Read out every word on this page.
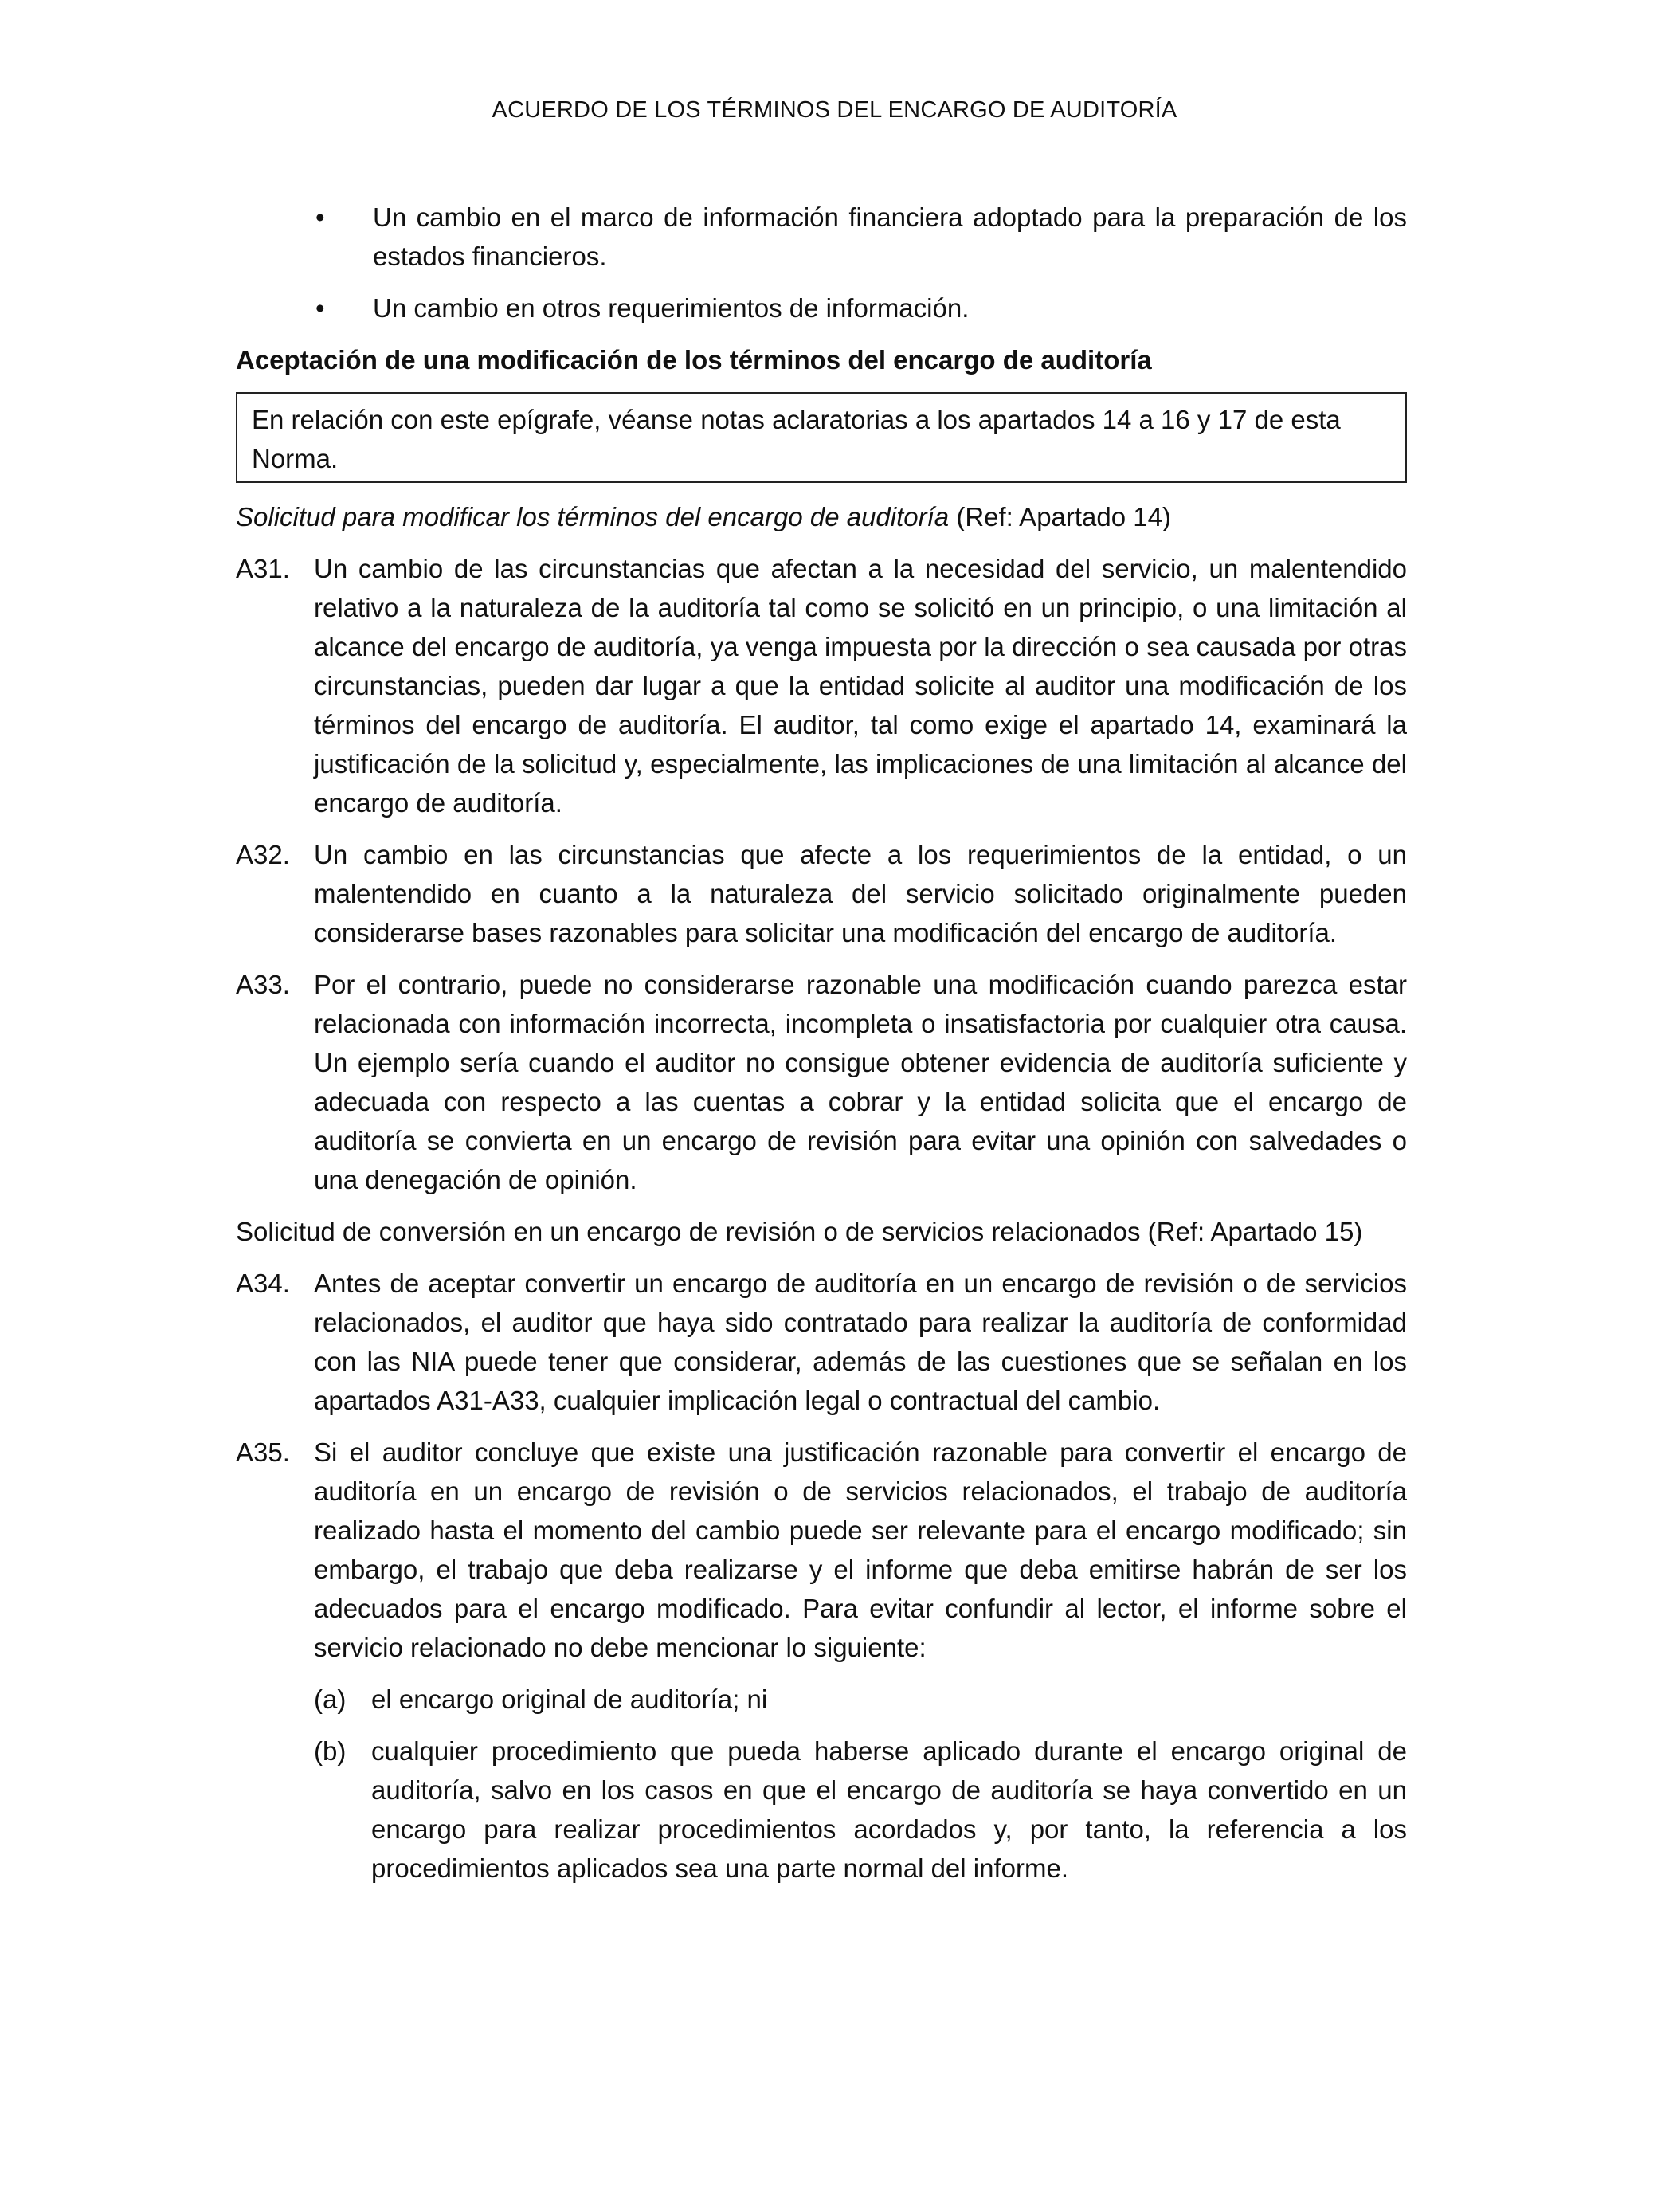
ACUERDO DE LOS TÉRMINOS DEL ENCARGO DE AUDITORÍA
•	Un cambio en el marco de información financiera adoptado para la preparación de los estados financieros.
•	Un cambio en otros requerimientos de información.
Aceptación de una modificación de los términos del encargo de auditoría
En relación con este epígrafe, véanse notas aclaratorias a los apartados 14 a 16 y 17 de esta Norma.
Solicitud para modificar los términos del encargo de auditoría (Ref: Apartado 14)
A31. Un cambio de las circunstancias que afectan a la necesidad del servicio, un malentendido relativo a la naturaleza de la auditoría tal como se solicitó en un principio, o una limitación al alcance del encargo de auditoría, ya venga impuesta por la dirección o sea causada por otras circunstancias, pueden dar lugar a que la entidad solicite al auditor una modificación de los términos del encargo de auditoría. El auditor, tal como exige el apartado 14, examinará la justificación de la solicitud y, especialmente, las implicaciones de una limitación al alcance del encargo de auditoría.
A32. Un cambio en las circunstancias que afecte a los requerimientos de la entidad, o un malentendido en cuanto a la naturaleza del servicio solicitado originalmente pueden considerarse bases razonables para solicitar una modificación del encargo de auditoría.
A33. Por el contrario, puede no considerarse razonable una modificación cuando parezca estar relacionada con información incorrecta, incompleta o insatisfactoria por cualquier otra causa. Un ejemplo sería cuando el auditor no consigue obtener evidencia de auditoría suficiente y adecuada con respecto a las cuentas a cobrar y la entidad solicita que el encargo de auditoría se convierta en un encargo de revisión para evitar una opinión con salvedades o una denegación de opinión.
Solicitud de conversión en un encargo de revisión o de servicios relacionados (Ref: Apartado 15)
A34. Antes de aceptar convertir un encargo de auditoría en un encargo de revisión o de servicios relacionados, el auditor que haya sido contratado para realizar la auditoría de conformidad con las NIA puede tener que considerar, además de las cuestiones que se señalan en los apartados A31-A33, cualquier implicación legal o contractual del cambio.
A35. Si el auditor concluye que existe una justificación razonable para convertir el encargo de auditoría en un encargo de revisión o de servicios relacionados, el trabajo de auditoría realizado hasta el momento del cambio puede ser relevante para el encargo modificado; sin embargo, el trabajo que deba realizarse y el informe que deba emitirse habrán de ser los adecuados para el encargo modificado. Para evitar confundir al lector, el informe sobre el servicio relacionado no debe mencionar lo siguiente:
(a) el encargo original de auditoría; ni
(b) cualquier procedimiento que pueda haberse aplicado durante el encargo original de auditoría, salvo en los casos en que el encargo de auditoría se haya convertido en un encargo para realizar procedimientos acordados y, por tanto, la referencia a los procedimientos aplicados sea una parte normal del informe.
